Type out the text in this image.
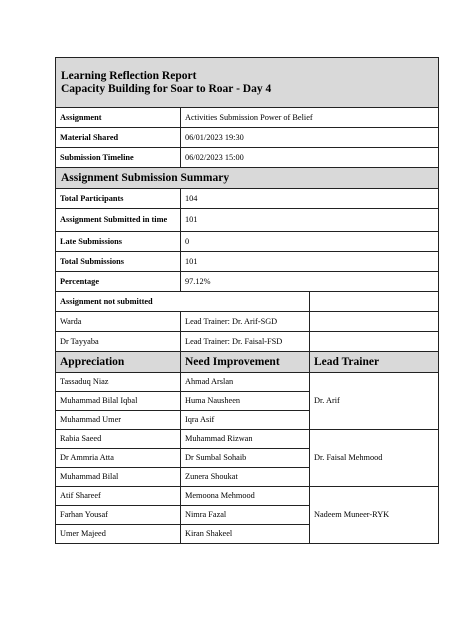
Learning Reflection Report
Capacity Building for Soar to Roar - Day 4		

Assignment	Activities Submission Power of Belief	
Material Shared	06/01/2023 19:30	
Submission Timeline	06/02/2023 15:00	
Assignment Submission Summary		
Total Participants	104	
Assignment Submitted in time	101	
Late Submissions	0	
Total Submissions	101	
Percentage	97.12%	
Assignment not submitted		
Warda	Lead Trainer: Dr. Arif-SGD	
Dr Tayyaba	Lead Trainer: Dr. Faisal-FSD	
Appreciation	Need Improvement	Lead Trainer
Tassaduq Niaz	Ahmad Arslan	Dr. Arif
Muhammad Bilal Iqbal	Huma Nausheen	
Muhammad Umer	Iqra Asif	
Rabia Saeed	Muhammad Rizwan	Dr. Faisal Mehmood
Dr Ammria Atta	Dr Sumbal Sohaib	
Muhammad Bilal	Zunera Shoukat	
Atif Shareef	Memoona Mehmood	Nadeem Muneer-RYK
Farhan Yousaf	Nimra Fazal	
Umer Majeed	Kiran Shakeel	
